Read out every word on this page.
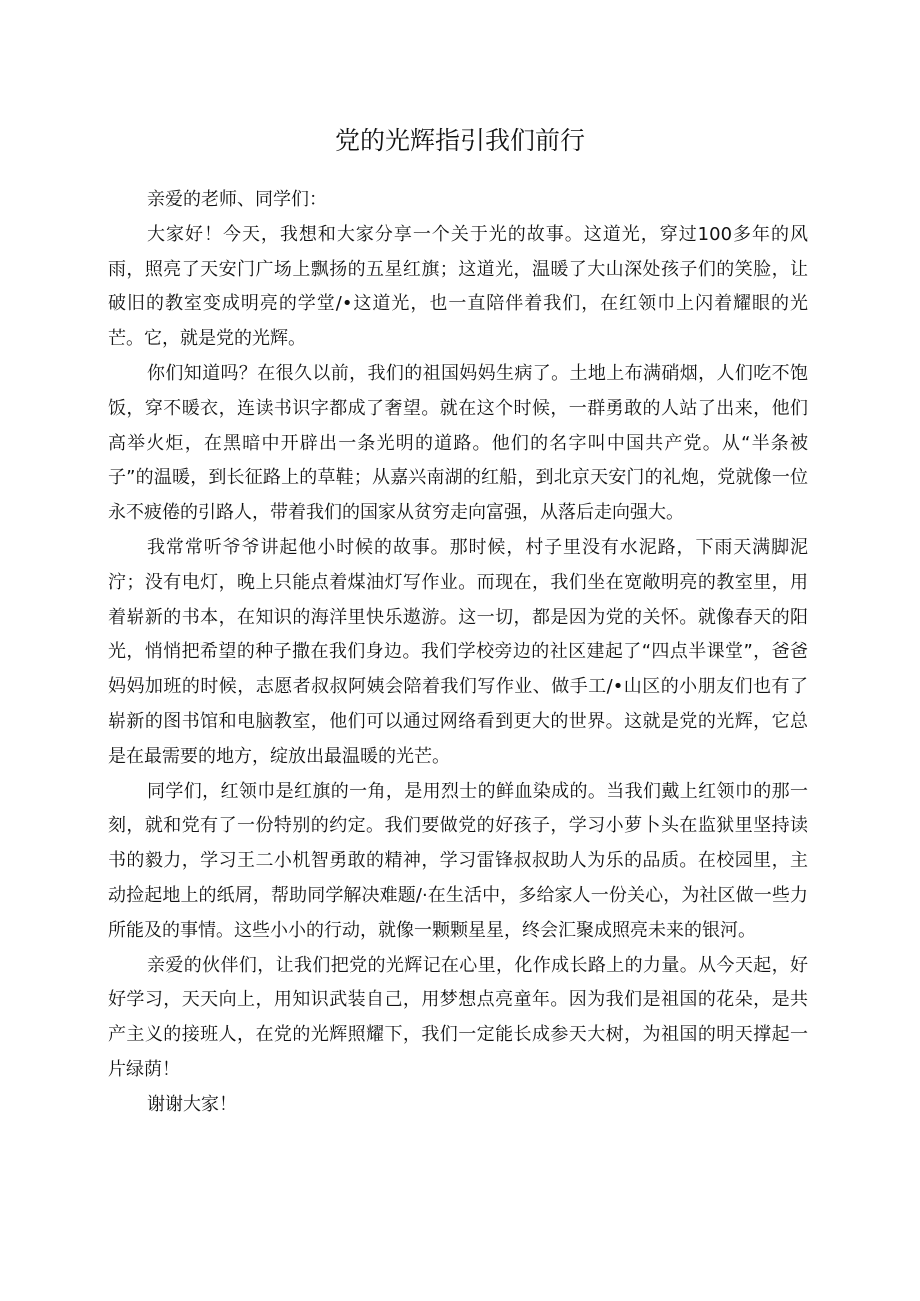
党的光辉指引我们前行

亲爱的老师、同学们：

大家好！今天，我想和大家分享一个关于光的故事。这道光，穿过100多年的风雨，照亮了天安门广场上飘扬的五星红旗；这道光，温暖了大山深处孩子们的笑脸，让破旧的教室变成明亮的学堂/•这道光，也一直陪伴着我们，在红领巾上闪着耀眼的光芒。它，就是党的光辉。

你们知道吗？在很久以前，我们的祖国妈妈生病了。土地上布满硝烟，人们吃不饱饭，穿不暖衣，连读书识字都成了奢望。就在这个时候，一群勇敢的人站了出来，他们高举火炬，在黑暗中开辟出一条光明的道路。他们的名字叫中国共产党。从“半条被子”的温暖，到长征路上的草鞋；从嘉兴南湖的红船，到北京天安门的礼炮，党就像一位永不疲倦的引路人，带着我们的国家从贫穷走向富强，从落后走向强大。

我常常听爷爷讲起他小时候的故事。那时候，村子里没有水泥路，下雨天满脚泥泞；没有电灯，晚上只能点着煤油灯写作业。而现在，我们坐在宽敞明亮的教室里，用着崭新的书本，在知识的海洋里快乐遨游。这一切，都是因为党的关怀。就像春天的阳光，悄悄把希望的种子撒在我们身边。我们学校旁边的社区建起了“四点半课堂”，爸爸妈妈加班的时候，志愿者叔叔阿姨会陪着我们写作业、做手工/•山区的小朋友们也有了崭新的图书馆和电脑教室，他们可以通过网络看到更大的世界。这就是党的光辉，它总是在最需要的地方，绽放出最温暖的光芒。

同学们，红领巾是红旗的一角，是用烈士的鲜血染成的。当我们戴上红领巾的那一刻，就和党有了一份特别的约定。我们要做党的好孩子，学习小萝卜头在监狱里坚持读书的毅力，学习王二小机智勇敢的精神，学习雷锋叔叔助人为乐的品质。在校园里，主动捡起地上的纸屑，帮助同学解决难题/·在生活中，多给家人一份关心，为社区做一些力所能及的事情。这些小小的行动，就像一颗颗星星，终会汇聚成照亮未来的银河。

亲爱的伙伴们，让我们把党的光辉记在心里，化作成长路上的力量。从今天起，好好学习，天天向上，用知识武装自己，用梦想点亮童年。因为我们是祖国的花朵，是共产主义的接班人，在党的光辉照耀下，我们一定能长成参天大树，为祖国的明天撑起一片绿荫！

谢谢大家！
